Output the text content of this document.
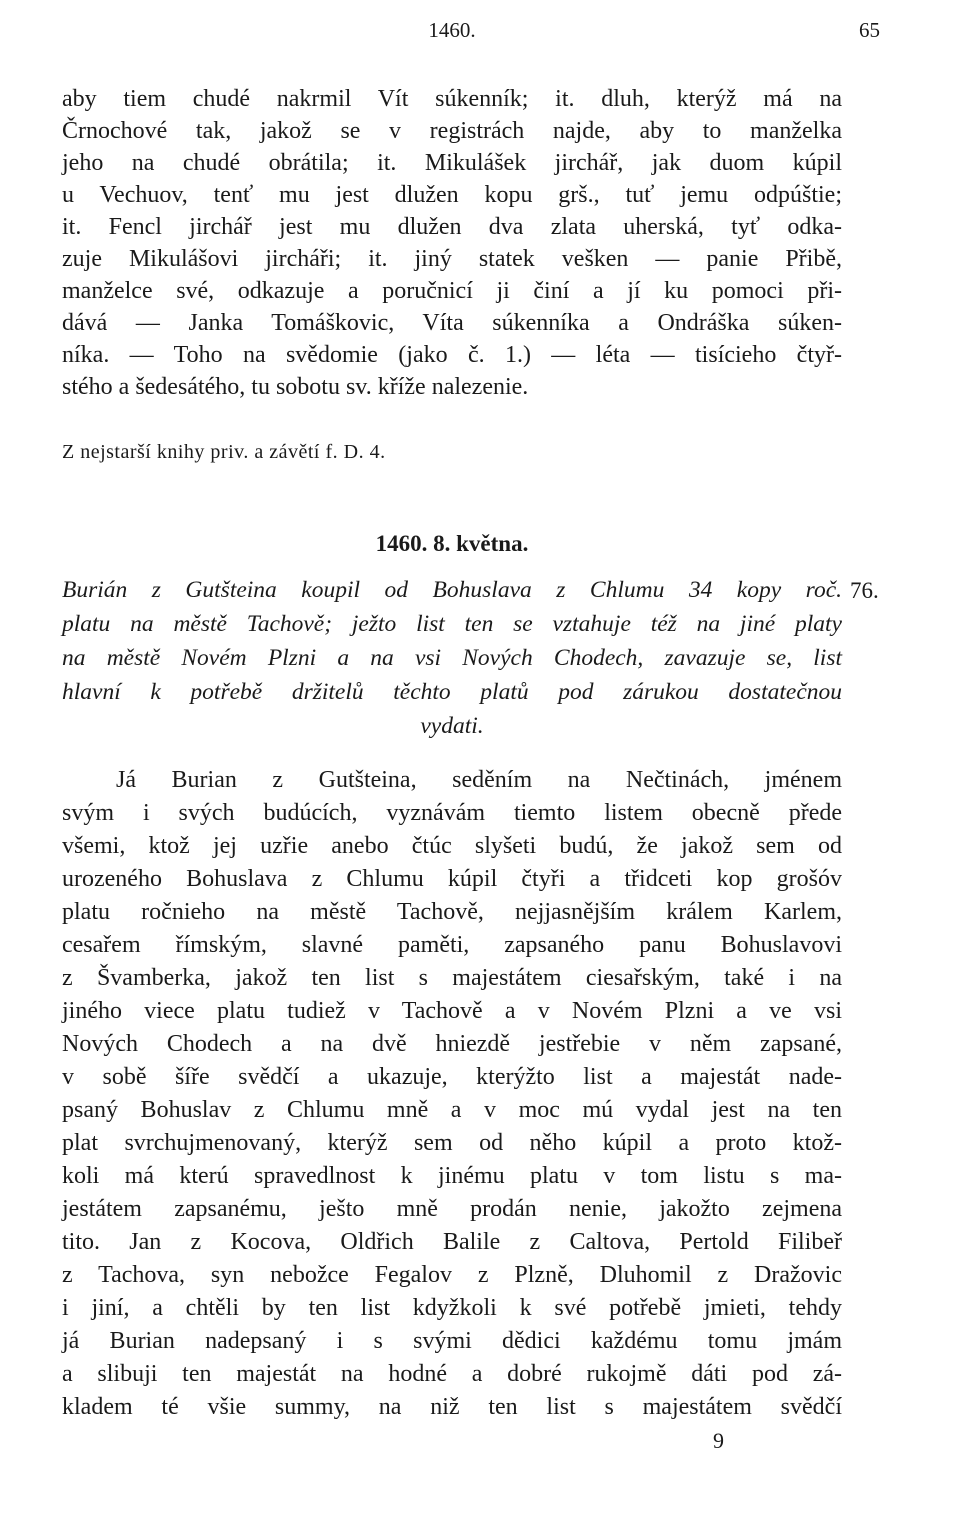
1460.	65
aby tiem chudé nakrmil Vít súkenník; it. dluh, kterýž má na
Črnochové tak, jakož se v registrách najde, aby to manželka
jeho na chudé obrátila; it. Mikulášek jirchář, jak duom kúpil
u Vechuov, tenť mu jest dlužen kopu grš., tuť jemu odpúštie;
it. Fencl jirchář jest mu dlužen dva zlata uherská, tyť odka-
zuje Mikulášovi jircháři; it. jiný statek vešken — panie Přibě,
manželce své, odkazuje a poručnicí ji činí a jí ku pomoci při-
dává — Janka Tomáškovic, Víta súkenníka a Ondráška súken-
níka. — Toho na svědomie (jako č. 1.) — léta — tisícieho čtyř-
stého a šedesátého, tu sobotu sv. kříže nalezenie.
Z nejstarší knihy priv. a závětí f. D. 4.
1460. 8. května.
76.
Burián z Gutšteina koupil od Bohuslava z Chlumu 34 kopy roč.
platu na městě Tachově; ježto list ten se vztahuje též na jiné platy
na městě Novém Plzni a na vsi Nových Chodech, zavazuje se, list
hlavní k potřebě držitelů těchto platů pod zárukou dostatečnou
vydati.
Já Burian z Gutšteina, seděním na Nečtinách, jménem
svým i svých budúcích, vyznávám tiemto listem obecně přede
všemi, ktož jej uzřie anebo čtúc slyšeti budú, že jakož sem od
urozeného Bohuslava z Chlumu kúpil čtyři a třidceti kop grošóv
platu ročnieho na městě Tachově, nejjasnějším králem Karlem,
cesařem římským, slavné paměti, zapsaného panu Bohuslavovi
z Švamberka, jakož ten list s majestátem ciesařským, také i na
jiného viece platu tudiež v Tachově a v Novém Plzni a ve vsi
Nových Chodech a na dvě hniezdě jestřebie v něm zapsané,
v sobě šíře svědčí a ukazuje, kterýžto list a majestát nade-
psaný Bohuslav z Chlumu mně a v moc mú vydal jest na ten
plat svrchujmenovaný, kterýž sem od něho kúpil a proto ktož-
koli má kterú spravedlnost k jinému platu v tom listu s ma-
jestátem zapsanému, ješto mně prodán nenie, jakožto zejmena
tito. Jan z Kocova, Oldřich Balile z Caltova, Pertold Filibeř
z Tachova, syn nebožce Fegalov z Plzně, Dluhomil z Dražovic
i jiní, a chtěli by ten list kdyžkoli k své potřebě jmieti, tehdy
já Burian nadepsaný i s svými dědici každému tomu jmám
a slibuji ten majestát na hodné a dobré rukojmě dáti pod zá-
kladem té všie summy, na niž ten list s majestátem svědčí
9
